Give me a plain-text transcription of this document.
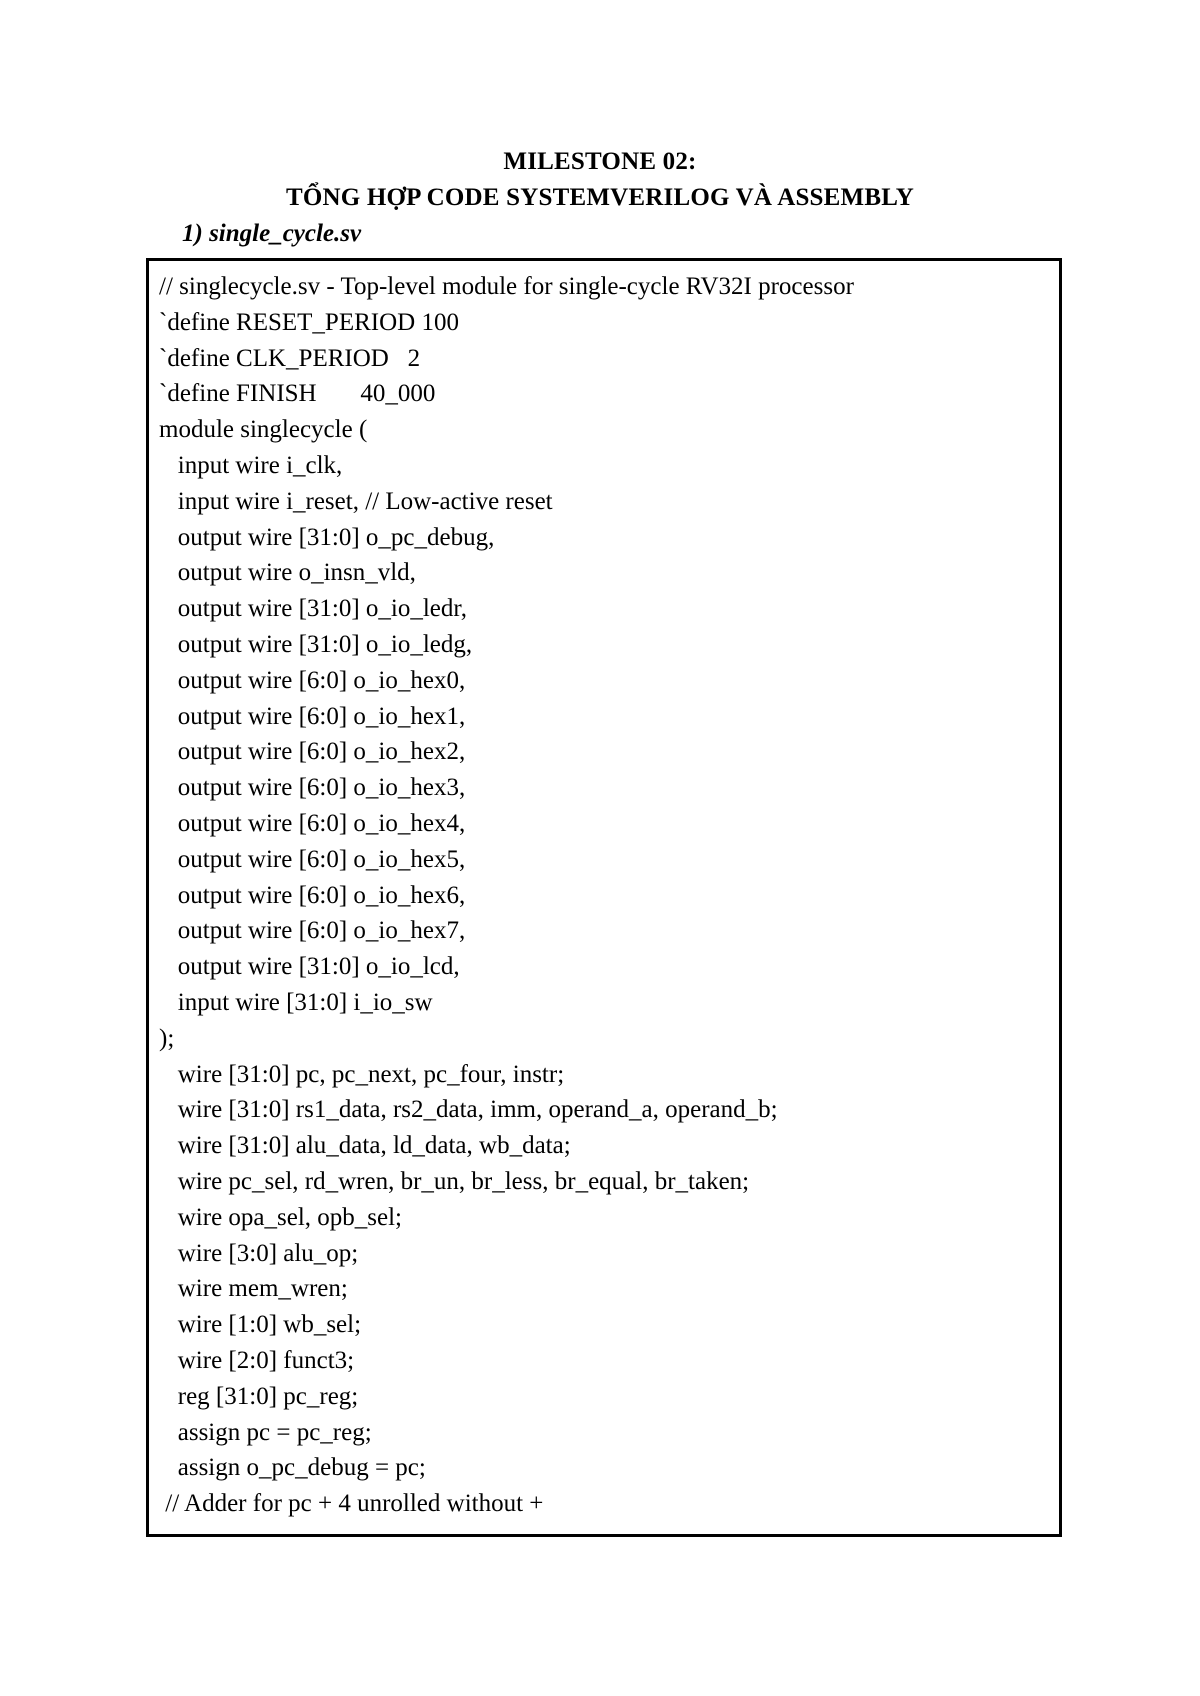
MILESTONE 02:
TỔNG HỢP CODE SYSTEMVERILOG VÀ ASSEMBLY
1) single_cycle.sv
// singlecycle.sv - Top-level module for single-cycle RV32I processor
`define RESET_PERIOD 100
`define CLK_PERIOD   2
`define FINISH       40_000
module singlecycle (
input wire i_clk,
input wire i_reset, // Low-active reset
output wire [31:0] o_pc_debug,
output wire o_insn_vld,
output wire [31:0] o_io_ledr,
output wire [31:0] o_io_ledg,
output wire [6:0] o_io_hex0,
output wire [6:0] o_io_hex1,
output wire [6:0] o_io_hex2,
output wire [6:0] o_io_hex3,
output wire [6:0] o_io_hex4,
output wire [6:0] o_io_hex5,
output wire [6:0] o_io_hex6,
output wire [6:0] o_io_hex7,
output wire [31:0] o_io_lcd,
input wire [31:0] i_io_sw
);
wire [31:0] pc, pc_next, pc_four, instr;
wire [31:0] rs1_data, rs2_data, imm, operand_a, operand_b;
wire [31:0] alu_data, ld_data, wb_data;
wire pc_sel, rd_wren, br_un, br_less, br_equal, br_taken;
wire opa_sel, opb_sel;
wire [3:0] alu_op;
wire mem_wren;
wire [1:0] wb_sel;
wire [2:0] funct3;
reg [31:0] pc_reg;
assign pc = pc_reg;
assign o_pc_debug = pc;
// Adder for pc + 4 unrolled without +
